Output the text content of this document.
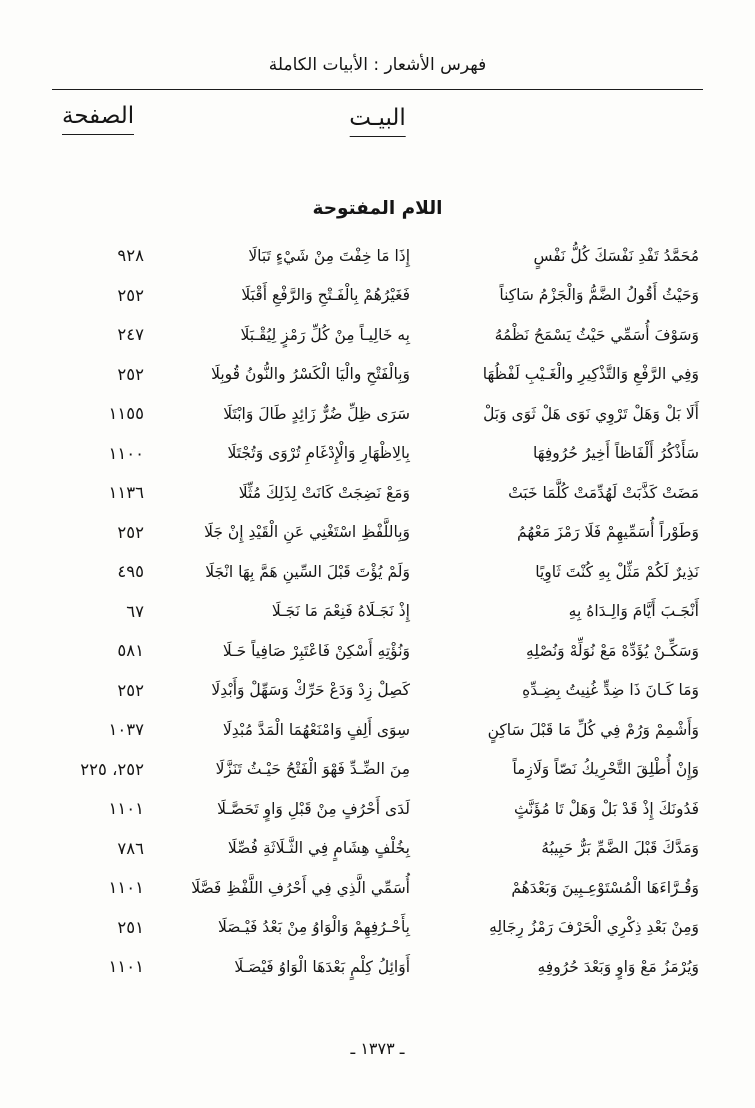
فهرس الأشعار : الأبيات الكاملة
البيـت
الصفحة
اللام المفتوحة
مُحَمَّدُ تَفْدِ نَفْسَكَ كُلُّ نَفْسٍ
إِذَا مَا خِفْتَ مِنْ شَيْءٍ تَبَالَا
٩٢٨
وَحَيْثُ أَقُولُ الضَّمُّ وَالْجَزْمُ سَاكِناً
فَغَيْرُهُمْ بِالْفَـتْحِ وَالرَّفْعِ أَقْبَلَا
٢٥٢
وَسَوْفَ أُسَمِّي حَيْثُ يَسْمَحُ نَظْمُهُ
بِه خَالِيـاً مِنْ كُلِّ رَمْزٍ لِيُقْـبَلَا
٢٤٧
وَفِي الرَّفْعِ وَالتَّذْكِيرِ والْغَـيْبِ لَفْظُهَا
وَبِالْفَتْحِ والْيَا الْكَسْرُ والنُّونُ قُوبِلَا
٢٥٢
أَلَا بَلْ وَهَلْ تَرْوِي نَوَى هَلْ ثَوَى وَبَلْ
سَرَى ظِلِّ ضُرٌّ زَائِدٍ طَالَ وَابْتَلَا
١١٥٥
سَأَذْكُرُ أَلْفَاظاً أَخِيرُ حُرُوفِهَا
بِالِاظْهَارِ وَالْإِدْغَامِ تُرْوَى وَتُجْتَلَا
١١٠٠
مَضَتْ كَذَّبَتْ لَهُدِّمَتْ كُلَّمَا خَبَتْ
وَمَعْ نَضِجَتْ كَانَتْ لِذَلِكَ مُثِّلَا
١١٣٦
وَطَوْراً أُسَمِّيهِمْ فَلَا رَمْزَ مَعْهُمُ
وَبِاللَّفْظِ اسْتَغْنِي عَنِ الْقَيْدِ إِنْ جَلَا
٢٥٢
نَذِيرٌ لَكُمْ مَثِّلْ بِهِ كُنْتَ ثَاوِيًا
وَلَمْ يُؤْتَ قَبْلَ السِّينِ هَمَّ بِهَا انْجَلَا
٤٩٥
أَنْجَـبَ أَيَّامَ وَالِـدَاهُ بِهِ
إِذْ نَجَـلَاهُ فَنِعْمَ مَا نَجَـلَا
٦٧
وَسَكِّـنْ يُؤَدِّهْ مَعْ نُوَلِّهْ وَنُصْلِهِ
وَنُؤْتِهِ أَسْكِنْ فَاعْتَبِرْ صَافِياً حَـلَا
٥٨١
وَمَا كَـانَ ذَا ضِدٍّ غُنِيتُ بِضِـدِّهِ
كَصِلْ زِدْ وَدَعْ حَرِّكْ وَسَهِّلْ وَأَبْدِلَا
٢٥٢
وَأَشْمِمْ وَرُمْ فِي كُلِّ مَا قَبْلَ سَاكِنٍ
سِوَى أَلِفٍ وَامْنَعْهُمَا الْمَدَّ مُبْدِلَا
١٠٣٧
وَإِنْ أُطْلِقَ التَّحْرِيكُ نَصّاً وَلَازِماً
مِنَ الضِّـدِّ فَهْوَ الْفَتْحُ حَيْـثُ تَنَزَّلَا
٢٥٢، ٢٢٥
فَدُونَكَ إِذْ قَدْ بَلْ وَهَلْ تَا مُؤَنَّثٍ
لَدَى أَحْرُفٍ مِنْ قَبْلِ وَاوٍ تَحَصَّـلَا
١١٠١
وَمَدَّكَ قَبْلَ الضَّمِّ بَرٌّ حَبِيبُهُ
بِخُلْفٍ هِشَامٍ فِي الثَّـلَاثَةِ فُصِّلَا
٧٨٦
وَقُـرَّاءَهَا الْمُسْتَوْعِـبِينَ وَبَعْدَهُمْ
أُسَمِّي الَّذِي فِي أَحْرُفِ اللَّفْظِ فَصَّلَا
١١٠١
وَمِنْ بَعْدِ ذِكْرِي الْحَرْفَ رَمْزُ رِجَالِهِ
بِأَحْـرُفِهِمْ وَالْوَاوُ مِنْ بَعْدُ فَيْـصَلَا
٢٥١
وَيُرْمَزُ مَعْ وَاوٍ وَبَعْدَ حُرُوفِهِ
أَوَائِلُ كِلْمٍ بَعْدَهَا الْوَاوُ فَيْصَـلَا
١١٠١
ـ ١٣٧٣ ـ
